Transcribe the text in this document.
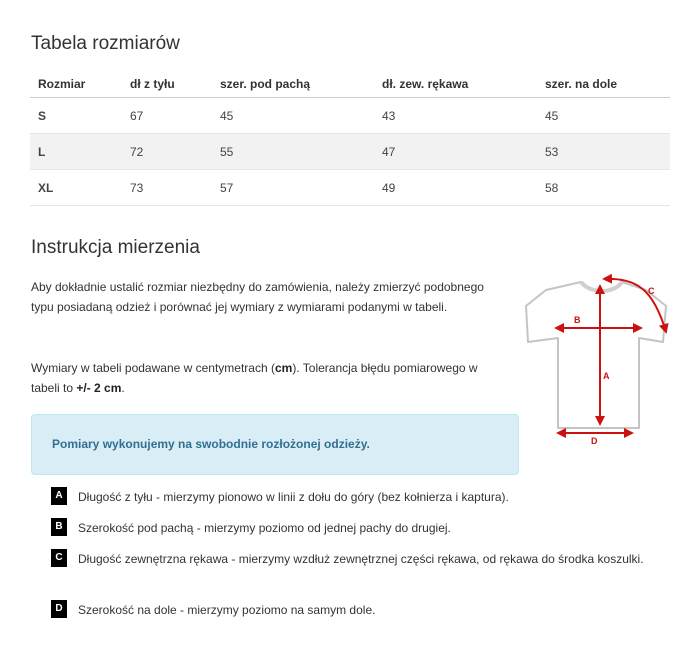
Tabela rozmiarów
Rozmiar	dł z tyłu	szer. pod pachą	dł. zew. rękawa	szer. na dole
S	67	45	43	45
L	72	55	47	53
XL	73	57	49	58
Instrukcja mierzenia

Aby dokładnie ustalić rozmiar niezbędny do zamówienia, należy zmierzyć podobnego typu posiadaną odzież i porównać jej wymiary z wymiarami podanymi w tabeli.

Wymiary w tabeli podawane w centymetrach (cm). Tolerancja błędu pomiarowego w tabeli to +/- 2 cm.

Pomiary wykonujemy na swobodnie rozłożonej odzieży.
A	Długość z tyłu - mierzymy pionowo w linii z dołu do góry (bez kołnierza i kaptura).
B	Szerokość pod pachą - mierzymy poziomo od jednej pachy do drugiej.
C	Długość zewnętrzna rękawa - mierzymy wzdłuż zewnętrznej części rękawa, od rękawa do środka koszulki.
D	Szerokość na dole - mierzymy poziomo na samym dole.
B
A
C
D
